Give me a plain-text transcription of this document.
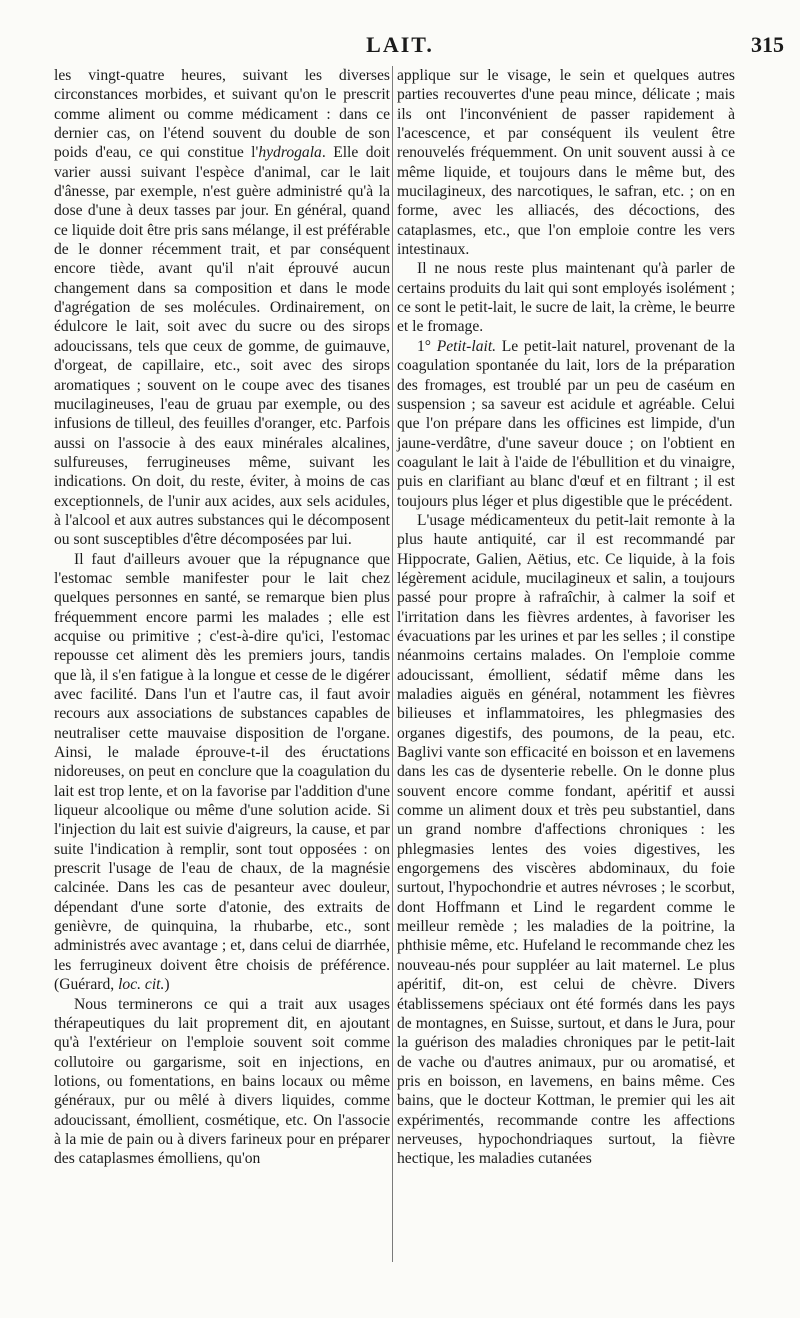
LAIT.	315

les vingt-quatre heures, suivant les diverses circonstances morbides, et suivant qu'on le prescrit comme aliment ou comme médicament : dans ce dernier cas, on l'étend souvent du double de son poids d'eau, ce qui constitue l'hydrogala. Elle doit varier aussi suivant l'espèce d'animal, car le lait d'ânesse, par exemple, n'est guère administré qu'à la dose d'une à deux tasses par jour. En général, quand ce liquide doit être pris sans mélange, il est préférable de le donner récemment trait, et par conséquent encore tiède, avant qu'il n'ait éprouvé aucun changement dans sa composition et dans le mode d'agrégation de ses molécules. Ordinairement, on édulcore le lait, soit avec du sucre ou des sirops adoucissans, tels que ceux de gomme, de guimauve, d'orgeat, de capillaire, etc., soit avec des sirops aromatiques ; souvent on le coupe avec des tisanes mucilagineuses, l'eau de gruau par exemple, ou des infusions de tilleul, des feuilles d'oranger, etc. Parfois aussi on l'associe à des eaux minérales alcalines, sulfureuses, ferrugineuses même, suivant les indications. On doit, du reste, éviter, à moins de cas exceptionnels, de l'unir aux acides, aux sels acidules, à l'alcool et aux autres substances qui le décomposent ou sont susceptibles d'être décomposées par lui.

Il faut d'ailleurs avouer que la répugnance que l'estomac semble manifester pour le lait chez quelques personnes en santé, se remarque bien plus fréquemment encore parmi les malades ; elle est acquise ou primitive ; c'est-à-dire qu'ici, l'estomac repousse cet aliment dès les premiers jours, tandis que là, il s'en fatigue à la longue et cesse de le digérer avec facilité. Dans l'un et l'autre cas, il faut avoir recours aux associations de substances capables de neutraliser cette mauvaise disposition de l'organe. Ainsi, le malade éprouve-t-il des éructations nidoreuses, on peut en conclure que la coagulation du lait est trop lente, et on la favorise par l'addition d'une liqueur alcoolique ou même d'une solution acide. Si l'injection du lait est suivie d'aigreurs, la cause, et par suite l'indication à remplir, sont tout opposées : on prescrit l'usage de l'eau de chaux, de la magnésie calcinée. Dans les cas de pesanteur avec douleur, dépendant d'une sorte d'atonie, des extraits de genièvre, de quinquina, la rhubarbe, etc., sont administrés avec avantage ; et, dans celui de diarrhée, les ferrugineux doivent être choisis de préférence. (Guérard, loc. cit.)

Nous terminerons ce qui a trait aux usages thérapeutiques du lait proprement dit, en ajoutant qu'à l'extérieur on l'emploie souvent soit comme collutoire ou gargarisme, soit en injections, en lotions, ou fomentations, en bains locaux ou même généraux, pur ou mêlé à divers liquides, comme adoucissant, émollient, cosmétique, etc. On l'associe à la mie de pain ou à divers farineux pour en préparer des cataplasmes émolliens, qu'on

applique sur le visage, le sein et quelques autres parties recouvertes d'une peau mince, délicate ; mais ils ont l'inconvénient de passer rapidement à l'acescence, et par conséquent ils veulent être renouvelés fréquemment. On unit souvent aussi à ce même liquide, et toujours dans le même but, des mucilagineux, des narcotiques, le safran, etc. ; on en forme, avec les alliacés, des décoctions, des cataplasmes, etc., que l'on emploie contre les vers intestinaux.

Il ne nous reste plus maintenant qu'à parler de certains produits du lait qui sont employés isolément ; ce sont le petit-lait, le sucre de lait, la crème, le beurre et le fromage.

1° Petit-lait. Le petit-lait naturel, provenant de la coagulation spontanée du lait, lors de la préparation des fromages, est troublé par un peu de caséum en suspension ; sa saveur est acidule et agréable. Celui que l'on prépare dans les officines est limpide, d'un jaune-verdâtre, d'une saveur douce ; on l'obtient en coagulant le lait à l'aide de l'ébullition et du vinaigre, puis en clarifiant au blanc d'œuf et en filtrant ; il est toujours plus léger et plus digestible que le précédent.

L'usage médicamenteux du petit-lait remonte à la plus haute antiquité, car il est recommandé par Hippocrate, Galien, Aëtius, etc. Ce liquide, à la fois légèrement acidule, mucilagineux et salin, a toujours passé pour propre à rafraîchir, à calmer la soif et l'irritation dans les fièvres ardentes, à favoriser les évacuations par les urines et par les selles ; il constipe néanmoins certains malades. On l'emploie comme adoucissant, émollient, sédatif même dans les maladies aiguës en général, notamment les fièvres bilieuses et inflammatoires, les phlegmasies des organes digestifs, des poumons, de la peau, etc. Baglivi vante son efficacité en boisson et en lavemens dans les cas de dysenterie rebelle. On le donne plus souvent encore comme fondant, apéritif et aussi comme un aliment doux et très peu substantiel, dans un grand nombre d'affections chroniques : les phlegmasies lentes des voies digestives, les engorgemens des viscères abdominaux, du foie surtout, l'hypochondrie et autres névroses ; le scorbut, dont Hoffmann et Lind le regardent comme le meilleur remède ; les maladies de la poitrine, la phthisie même, etc. Hufeland le recommande chez les nouveau-nés pour suppléer au lait maternel. Le plus apéritif, dit-on, est celui de chèvre. Divers établissemens spéciaux ont été formés dans les pays de montagnes, en Suisse, surtout, et dans le Jura, pour la guérison des maladies chroniques par le petit-lait de vache ou d'autres animaux, pur ou aromatisé, et pris en boisson, en lavemens, en bains même. Ces bains, que le docteur Kottman, le premier qui les ait expérimentés, recommande contre les affections nerveuses, hypochondriaques surtout, la fièvre hectique, les maladies cutanées
